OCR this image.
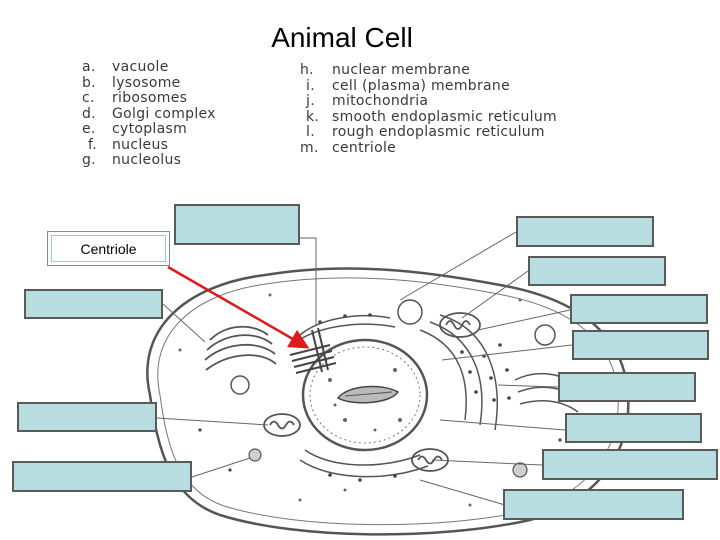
Animal Cell
a. vacuole
b. lysosome
c. ribosomes
d. Golgi complex
e. cytoplasm
f. nucleus
g. nucleolus
h. nuclear membrane
i. cell (plasma) membrane
j. mitochondria
k. smooth endoplasmic reticulum
l. rough endoplasmic reticulum
m. centriole
Centriole
